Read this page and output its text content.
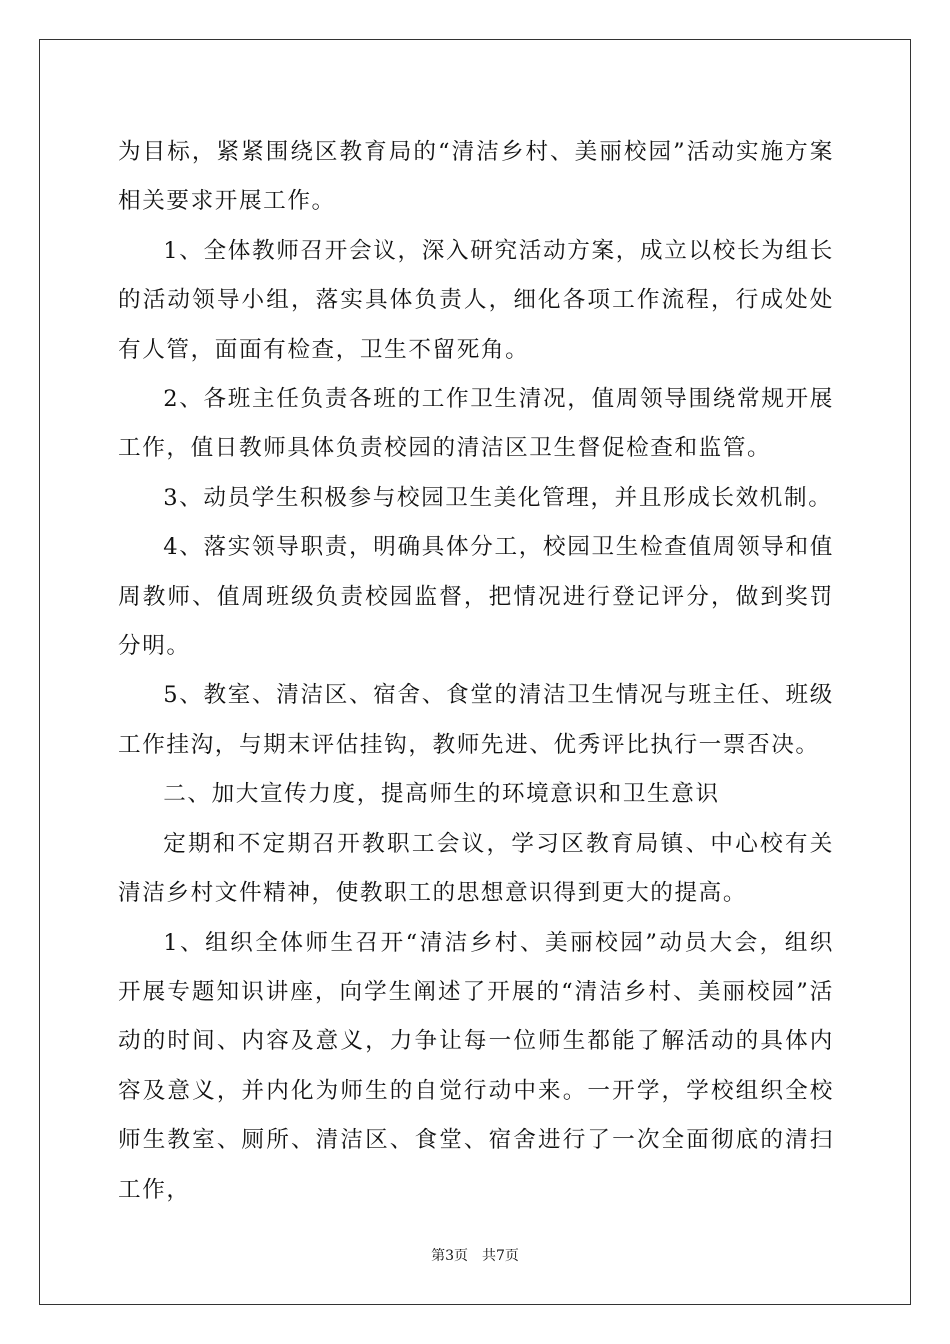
为目标，紧紧围绕区教育局的“清洁乡村、美丽校园”活动实施方案相关要求开展工作。

1、全体教师召开会议，深入研究活动方案，成立以校长为组长的活动领导小组，落实具体负责人，细化各项工作流程，行成处处有人管，面面有检查，卫生不留死角。

2、各班主任负责各班的工作卫生清况，值周领导围绕常规开展工作，值日教师具体负责校园的清洁区卫生督促检查和监管。

3、动员学生积极参与校园卫生美化管理，并且形成长效机制。

4、落实领导职责，明确具体分工，校园卫生检查值周领导和值周教师、值周班级负责校园监督，把情况进行登记评分，做到奖罚分明。

5、教室、清洁区、宿舍、食堂的清洁卫生情况与班主任、班级工作挂沟，与期末评估挂钩，教师先进、优秀评比执行一票否决。

二、加大宣传力度，提高师生的环境意识和卫生意识

定期和不定期召开教职工会议，学习区教育局镇、中心校有关清洁乡村文件精神，使教职工的思想意识得到更大的提高。

1、组织全体师生召开“清洁乡村、美丽校园”动员大会，组织开展专题知识讲座，向学生阐述了开展的“清洁乡村、美丽校园”活动的时间、内容及意义，力争让每一位师生都能了解活动的具体内容及意义，并内化为师生的自觉行动中来。一开学，学校组织全校师生教室、厕所、清洁区、食堂、宿舍进行了一次全面彻底的清扫工作，

第3页 共7页
